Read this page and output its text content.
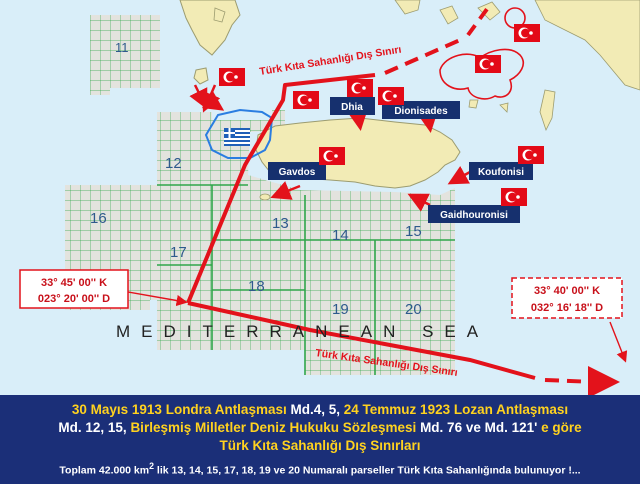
11
12
13
14	15
16
17
18
19	20
MEDITERRANEAN SEA
Türk Kıta Sahanlığı Dış Sınırı
Türk Kıta Sahanlığı Dış Sınırı
33° 45' 00'' K
023° 20' 00'' D
33° 40' 00'' K
032° 16' 18'' D
Dhia	Dionisades
Gavdos	Koufonisi
Gaidhouronisi
30 Mayıs 1913 Londra Antlaşması Md.4, 5, 24 Temmuz 1923 Lozan Antlaşması
Md. 12, 15, Birleşmiş Milletler Deniz Hukuku Sözleşmesi Md. 76 ve Md. 121' e göre
Türk Kıta Sahanlığı Dış Sınırları
Toplam 42.000 $km^2$ lik 13, 14, 15, 17, 18, 19 ve 20 Numaralı parseller Türk Kıta Sahanlığında bulunuyor !...
